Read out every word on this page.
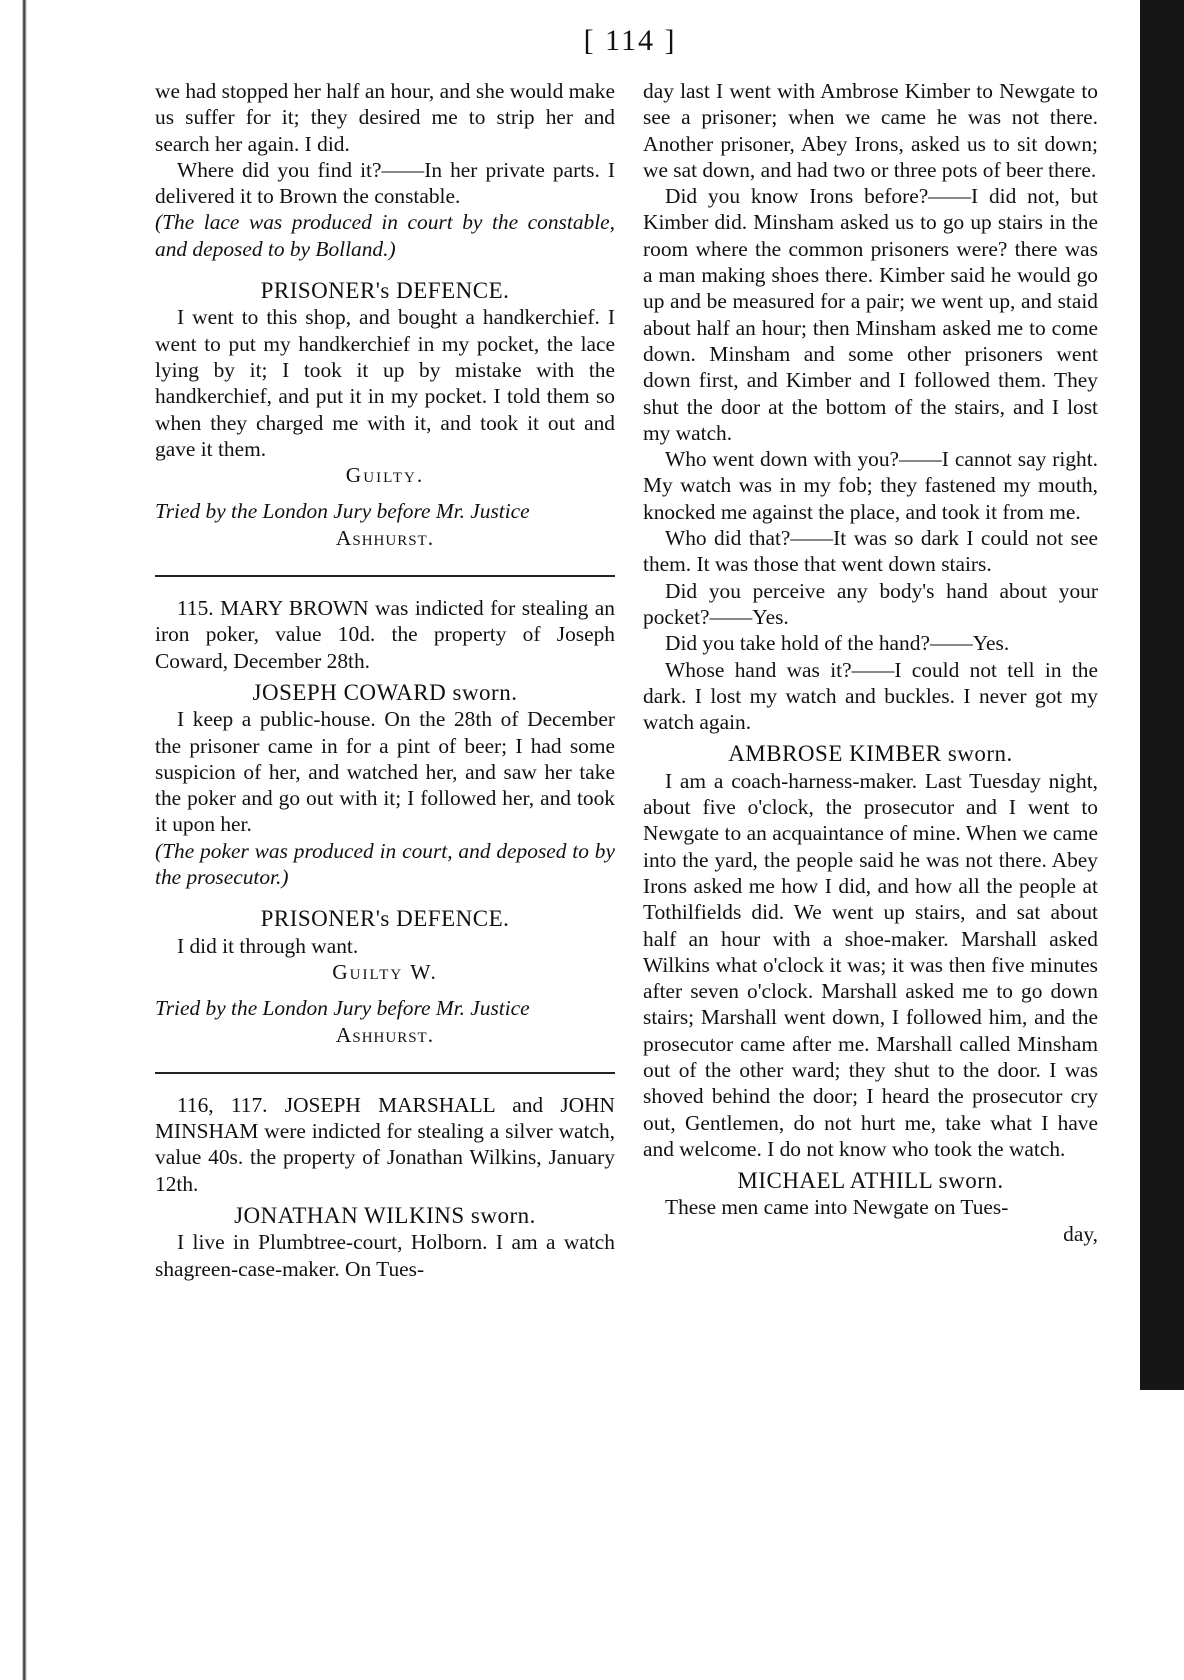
[ 114 ]

we had stopped her half an hour, and she would make us suffer for it; they desired me to strip her and search her again. I did.

Where did you find it?——In her private parts. I delivered it to Brown the constable.

(The lace was produced in court by the constable, and deposed to by Bolland.)

PRISONER's DEFENCE.

I went to this shop, and bought a handkerchief. I went to put my handkerchief in my pocket, the lace lying by it; I took it up by mistake with the handkerchief, and put it in my pocket. I told them so when they charged me with it, and took it out and gave it them.

Guilty.

Tried by the London Jury before Mr. Justice

Ashhurst.

115. MARY BROWN was indicted for stealing an iron poker, value 10d. the property of Joseph Coward, December 28th.

JOSEPH COWARD sworn.

I keep a public-house. On the 28th of December the prisoner came in for a pint of beer; I had some suspicion of her, and watched her, and saw her take the poker and go out with it; I followed her, and took it upon her.

(The poker was produced in court, and deposed to by the prosecutor.)

PRISONER's DEFENCE.

I did it through want.

Guilty W.

Tried by the London Jury before Mr. Justice

Ashhurst.

116, 117. JOSEPH MARSHALL and JOHN MINSHAM were indicted for stealing a silver watch, value 40s. the property of Jonathan Wilkins, January 12th.

JONATHAN WILKINS sworn.

I live in Plumbtree-court, Holborn. I am a watch shagreen-case-maker. On Tues-

day last I went with Ambrose Kimber to Newgate to see a prisoner; when we came he was not there. Another prisoner, Abey Irons, asked us to sit down; we sat down, and had two or three pots of beer there.

Did you know Irons before?——I did not, but Kimber did. Minsham asked us to go up stairs in the room where the common prisoners were? there was a man making shoes there. Kimber said he would go up and be measured for a pair; we went up, and staid about half an hour; then Minsham asked me to come down. Minsham and some other prisoners went down first, and Kimber and I followed them. They shut the door at the bottom of the stairs, and I lost my watch.

Who went down with you?——I cannot say right. My watch was in my fob; they fastened my mouth, knocked me against the place, and took it from me.

Who did that?——It was so dark I could not see them. It was those that went down stairs.

Did you perceive any body's hand about your pocket?——Yes.

Did you take hold of the hand?——Yes.

Whose hand was it?——I could not tell in the dark. I lost my watch and buckles. I never got my watch again.

AMBROSE KIMBER sworn.

I am a coach-harness-maker. Last Tuesday night, about five o'clock, the prosecutor and I went to Newgate to an acquaintance of mine. When we came into the yard, the people said he was not there. Abey Irons asked me how I did, and how all the people at Tothilfields did. We went up stairs, and sat about half an hour with a shoe-maker. Marshall asked Wilkins what o'clock it was; it was then five minutes after seven o'clock. Marshall asked me to go down stairs; Marshall went down, I followed him, and the prosecutor came after me. Marshall called Minsham out of the other ward; they shut to the door. I was shoved behind the door; I heard the prosecutor cry out, Gentlemen, do not hurt me, take what I have and welcome. I do not know who took the watch.

MICHAEL ATHILL sworn.

These men came into Newgate on Tues-

day,
